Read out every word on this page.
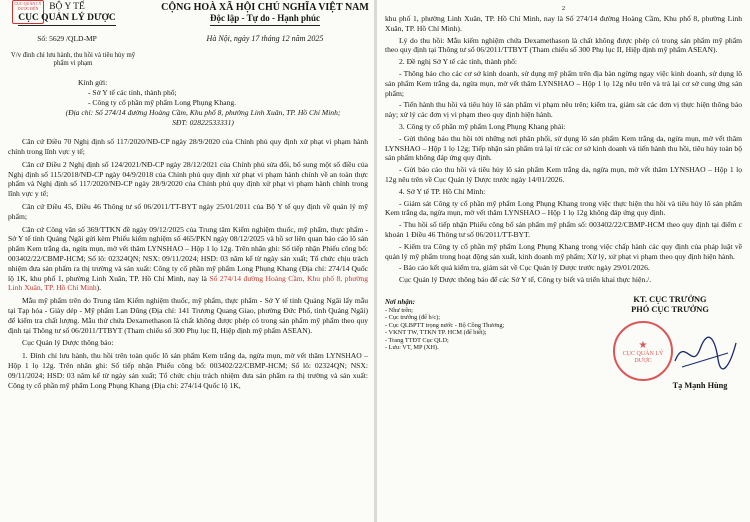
CỤC QUẢN LÝ DƯỢC ĐẾN	BỘ Y TẾ

CỤC QUẢN LÝ DƯỢC

Số: 5629 /QLD-MP

CỘNG HOÀ XÃ HỘI CHỦ NGHĨA VIỆT NAM

Độc lập - Tự do - Hạnh phúc

Hà Nội, ngày 17 tháng 12 năm 2025

V/v đình chỉ lưu hành, thu hồi và tiêu hủy mỹ phẩm vi phạm

Kính gửi:

- Sở Y tế các tỉnh, thành phố;

- Công ty cổ phần mỹ phẩm Long Phụng Khang.

(Địa chỉ: Số 274/14 đường Hoàng Cầm, Khu phố 8, phường Linh Xuân, TP. Hồ Chí Minh;

SĐT: 02822533331)

Căn cứ Điều 70 Nghị định số 117/2020/NĐ-CP ngày 28/9/2020 của Chính phủ quy định xử phạt vi phạm hành chính trong lĩnh vực y tế;

Căn cứ Điều 2 Nghị định số 124/2021/NĐ-CP ngày 28/12/2021 của Chính phủ sửa đổi, bổ sung một số điều của Nghị định số 115/2018/NĐ-CP ngày 04/9/2018 của Chính phủ quy định xử phạt vi phạm hành chính về an toàn thực phẩm và Nghị định số 117/2020/NĐ-CP ngày 28/9/2020 của Chính phủ quy định xử phạt vi phạm hành chính trong lĩnh vực y tế;

Căn cứ Điều 45, Điều 46 Thông tư số 06/2011/TT-BYT ngày 25/01/2011 của Bộ Y tế quy định về quản lý mỹ phẩm;

Căn cứ Công văn số 369/TTKN đề ngày 09/12/2025 của Trung tâm Kiểm nghiệm thuốc, mỹ phẩm, thực phẩm - Sở Y tế tỉnh Quảng Ngãi gửi kèm Phiếu kiểm nghiệm số 465/PKN ngày 08/12/2025 và hồ sơ liên quan báo cáo lô sản phẩm Kem trắng da, ngừa mụn, mờ vết thâm LYNSHAO – Hộp 1 lọ 12g. Trên nhãn ghi: Số tiếp nhận Phiếu công bố: 003402/22/CBMP-HCM; Số lô: 02324QN; NSX: 09/11/2024; HSD: 03 năm kể từ ngày sản xuất; Tổ chức chịu trách nhiệm đưa sản phẩm ra thị trường và sản xuất: Công ty cổ phần mỹ phẩm Long Phụng Khang (Địa chỉ: 274/14 Quốc lộ 1K, khu phố 1, phường Linh Xuân, TP. Hồ Chí Minh, nay là Số 274/14 đường Hoàng Cầm, Khu phố 8, phường Linh Xuân, TP. Hồ Chí Minh).

Mẫu mỹ phẩm trên do Trung tâm Kiểm nghiệm thuốc, mỹ phẩm, thực phẩm - Sở Y tế tỉnh Quảng Ngãi lấy mẫu tại Tạp hóa - Giày dép - Mỹ phẩm Lan Dũng (Địa chỉ: 141 Trương Quang Giao, phường Đức Phổ, tỉnh Quảng Ngãi) để kiểm tra chất lượng. Mẫu thử chứa Dexamethason là chất không được phép có trong sản phẩm mỹ phẩm theo quy định tại Thông tư số 06/2011/TTBYT (Tham chiếu số 300 Phụ lục II, Hiệp định mỹ phẩm ASEAN).

Cục Quản lý Dược thông báo:

1. Đình chỉ lưu hành, thu hồi trên toàn quốc lô sản phẩm Kem trắng da, ngừa mụn, mờ vết thâm LYNSHAO – Hộp 1 lọ 12g. Trên nhãn ghi: Số tiếp nhận Phiếu công bố: 003402/22/CBMP-HCM; Số lô: 02324QN; NSX: 09/11/2024; HSD: 03 năm kể từ ngày sản xuất; Tổ chức chịu trách nhiệm đưa sản phẩm ra thị trường và sản xuất: Công ty cổ phần mỹ phẩm Long Phụng Khang (Địa chỉ: 274/14 Quốc lộ 1K,

2

khu phố 1, phường Linh Xuân, TP. Hồ Chí Minh, nay là Số 274/14 đường Hoàng Cầm, Khu phố 8, phường Linh Xuân, TP. Hồ Chí Minh).

Lý do thu hồi: Mẫu kiểm nghiệm chứa Dexamethason là chất không được phép có trong sản phẩm mỹ phẩm theo quy định tại Thông tư số 06/2011/TTBYT (Tham chiếu số 300 Phụ lục II, Hiệp định mỹ phẩm ASEAN).

2. Đề nghị Sở Y tế các tỉnh, thành phố:

- Thông báo cho các cơ sở kinh doanh, sử dụng mỹ phẩm trên địa bàn ngừng ngay việc kinh doanh, sử dụng lô sản phẩm Kem trắng da, ngừa mụn, mờ vết thâm LYNSHAO – Hộp 1 lọ 12g nêu trên và trả lại cơ sở cung ứng sản phẩm;

- Tiến hành thu hồi và tiêu hủy lô sản phẩm vi phạm nêu trên; kiểm tra, giám sát các đơn vị thực hiện thông báo này; xử lý các đơn vị vi phạm theo quy định hiện hành.

3. Công ty cổ phần mỹ phẩm Long Phụng Khang phải:

- Gửi thông báo thu hồi tới những nơi phân phối, sử dụng lô sản phẩm Kem trắng da, ngừa mụn, mờ vết thâm LYNSHAO – Hộp 1 lọ 12g; Tiếp nhận sản phẩm trả lại từ các cơ sở kinh doanh và tiến hành thu hồi, tiêu hủy toàn bộ sản phẩm không đáp ứng quy định.

- Gửi báo cáo thu hồi và tiêu hủy lô sản phẩm Kem trắng da, ngừa mụn, mờ vết thâm LYNSHAO – Hộp 1 lọ 12g nêu trên về Cục Quản lý Dược trước ngày 14/01/2026.

4. Sở Y tế TP. Hồ Chí Minh:

- Giám sát Công ty cổ phần mỹ phẩm Long Phụng Khang trong việc thực hiện thu hồi và tiêu hủy lô sản phẩm Kem trắng da, ngừa mụn, mờ vết thâm LYNSHAO – Hộp 1 lọ 12g không đáp ứng quy định.

- Thu hồi số tiếp nhận Phiếu công bố sản phẩm mỹ phẩm số: 003402/22/CBMP-HCM theo quy định tại điểm c khoản 1 Điều 46 Thông tư số 06/2011/TT-BYT.

- Kiểm tra Công ty cổ phần mỹ phẩm Long Phụng Khang trong việc chấp hành các quy định của pháp luật về quản lý mỹ phẩm trong hoạt động sản xuất, kinh doanh mỹ phẩm; Xử lý, xử phạt vi phạm theo quy định hiện hành.

- Báo cáo kết quả kiểm tra, giám sát về Cục Quản lý Dược trước ngày 29/01/2026.

Cục Quản lý Dược thông báo để các Sở Y tế, Công ty biết và triển khai thực hiện./.

Nơi nhận:

- Như trên;

- Cục trưởng (để b/c);

- Cục QLBPTT trọng nước - Bộ Công Thương;

- VKNT TW, TTKN TP. HCM (để biết);

- Trang TTĐT Cục QLD;

- Lưu: VT, MP (XH).

KT. CỤC TRƯỞNG

PHÓ CỤC TRƯỞNG

★
CỤC QUẢN LÝ DƯỢC

Tạ Mạnh Hùng
